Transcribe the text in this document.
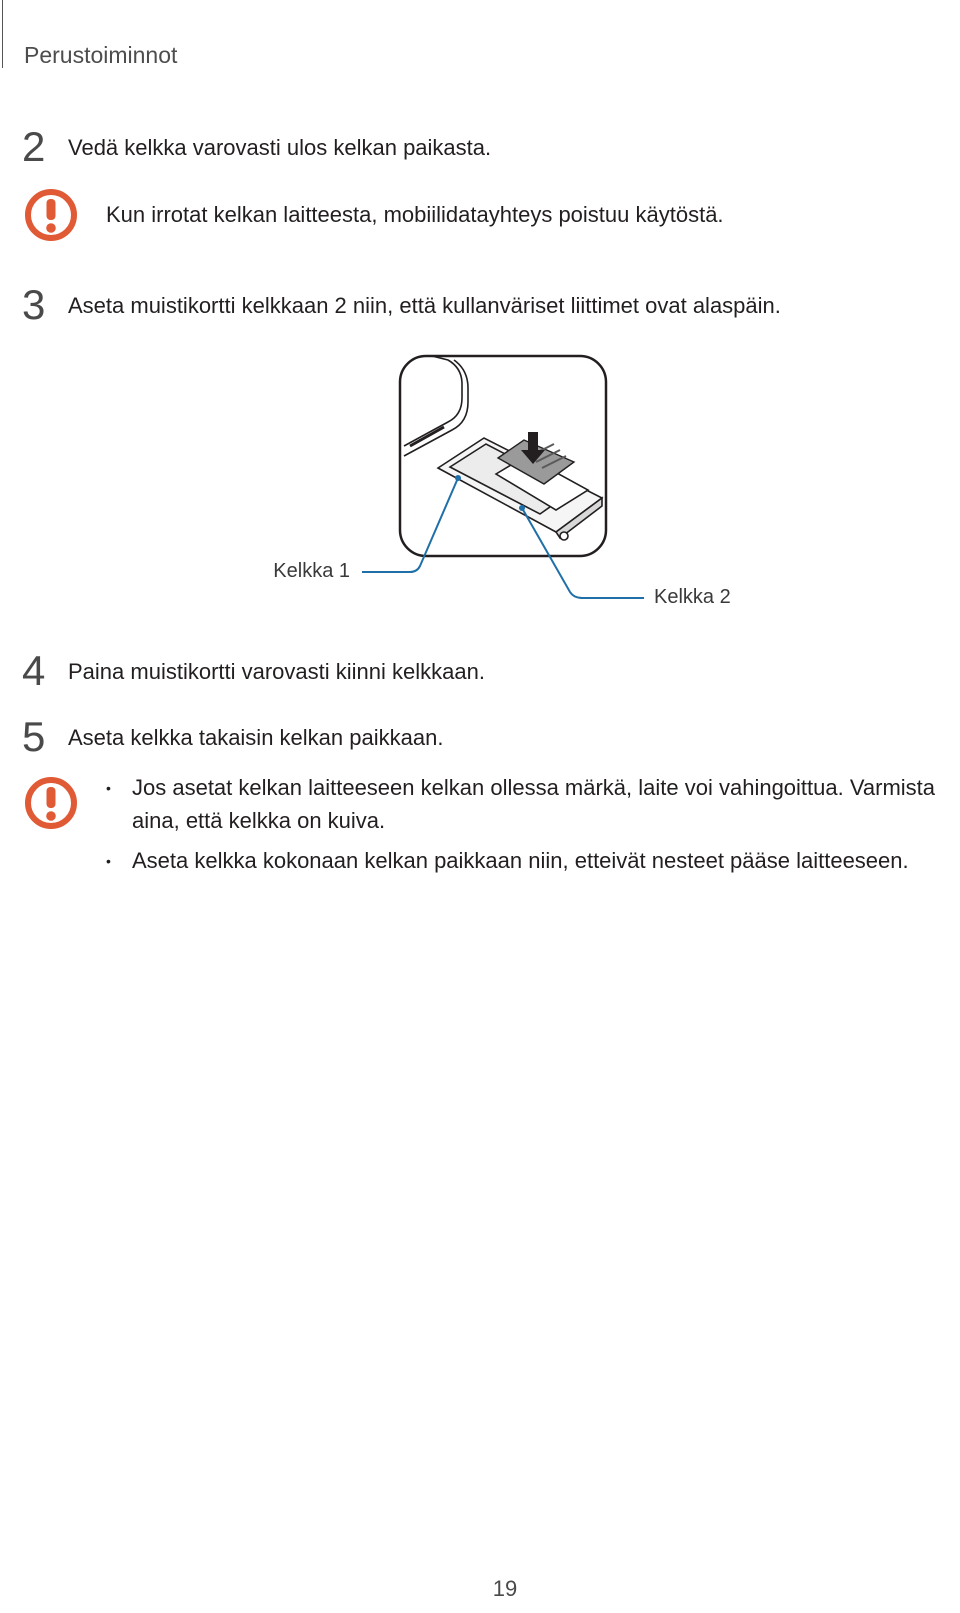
Perustoiminnot
2 Vedä kelkka varovasti ulos kelkan paikasta.
Kun irrotat kelkan laitteesta, mobiilidatayhteys poistuu käytöstä.
3 Aseta muistikortti kelkkaan 2 niin, että kullanväriset liittimet ovat alaspäin.
Kelkka 1
Kelkka 2
4 Paina muistikortti varovasti kiinni kelkkaan.
5 Aseta kelkka takaisin kelkan paikkaan.
• Jos asetat kelkan laitteeseen kelkan ollessa märkä, laite voi vahingoittua. Varmista aina, että kelkka on kuiva.
• Aseta kelkka kokonaan kelkan paikkaan niin, etteivät nesteet pääse laitteeseen.
19
